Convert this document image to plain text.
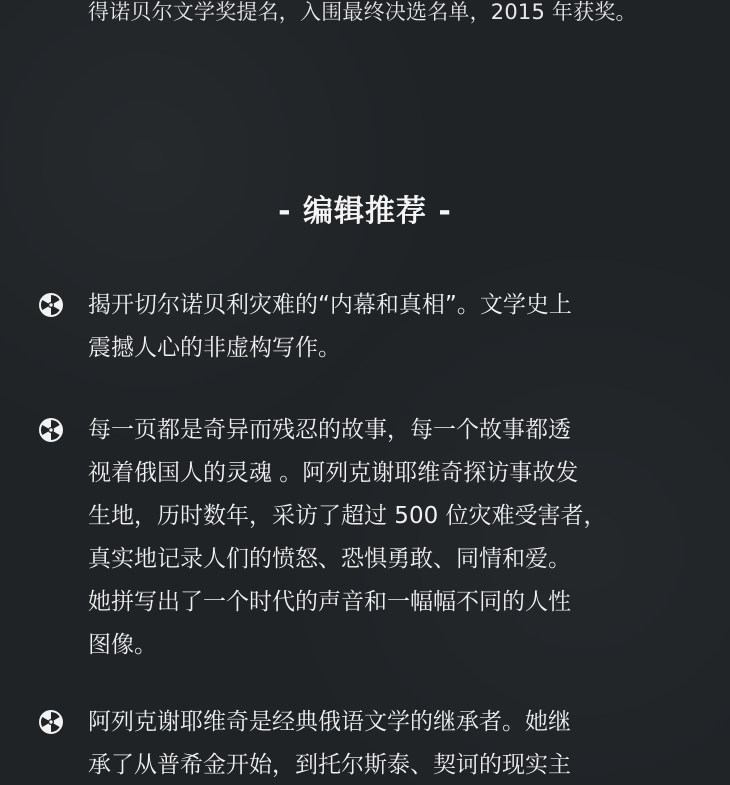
得诺贝尔文学奖提名，入围最终决选名单，2015 年获奖。
- 编辑推荐 -
揭开切尔诺贝利灾难的“内幕和真相”。文学史上
震撼人心的非虚构写作。
每一页都是奇异而残忍的故事，每一个故事都透
视着俄国人的灵魂 。阿列克谢耶维奇探访事故发
生地，历时数年，采访了超过 500 位灾难受害者，
真实地记录人们的愤怒、恐惧勇敢、同情和爱。
她拼写出了一个时代的声音和一幅幅不同的人性
图像。
阿列克谢耶维奇是经典俄语文学的继承者。她继
承了从普希金开始，到托尔斯泰、契诃的现实主
